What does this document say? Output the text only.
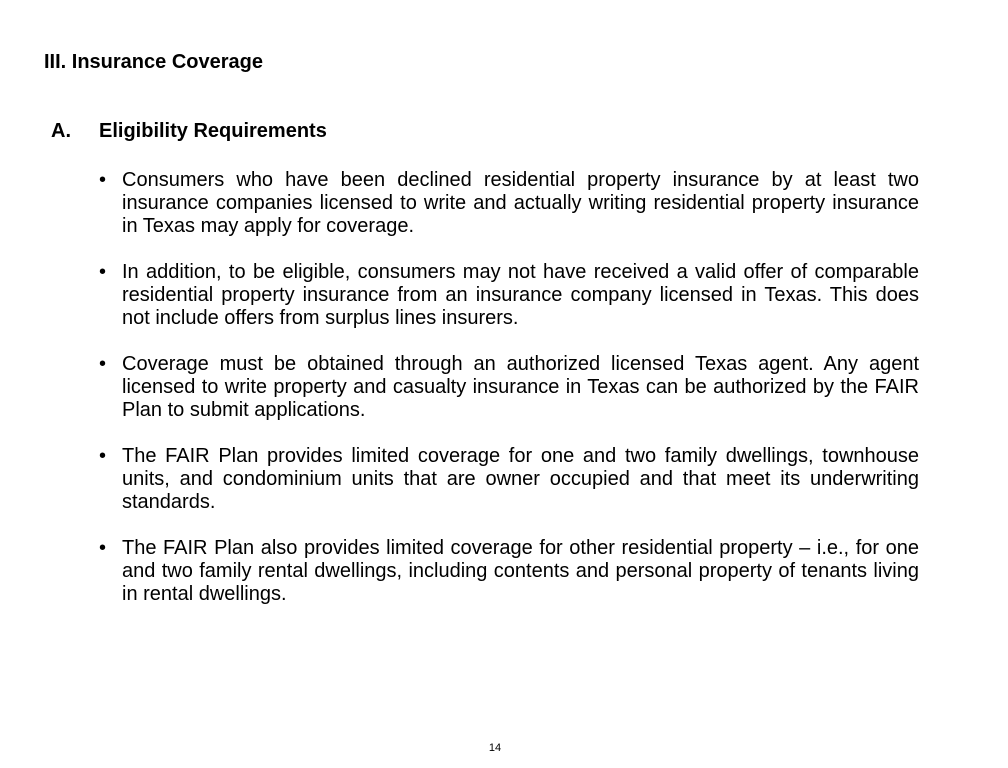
III. Insurance Coverage
A. Eligibility Requirements
• Consumers who have been declined residential property insurance by at least two insurance companies licensed to write and actually writing residential property insurance in Texas may apply for coverage.
• In addition, to be eligible, consumers may not have received a valid offer of comparable residential property insurance from an insurance company licensed in Texas. This does not include offers from surplus lines insurers.
• Coverage must be obtained through an authorized licensed Texas agent. Any agent licensed to write property and casualty insurance in Texas can be authorized by the FAIR Plan to submit applications.
• The FAIR Plan provides limited coverage for one and two family dwellings, townhouse units, and condominium units that are owner occupied and that meet its underwriting standards.
• The FAIR Plan also provides limited coverage for other residential property – i.e., for one and two family rental dwellings, including contents and personal property of tenants living in rental dwellings.
14
